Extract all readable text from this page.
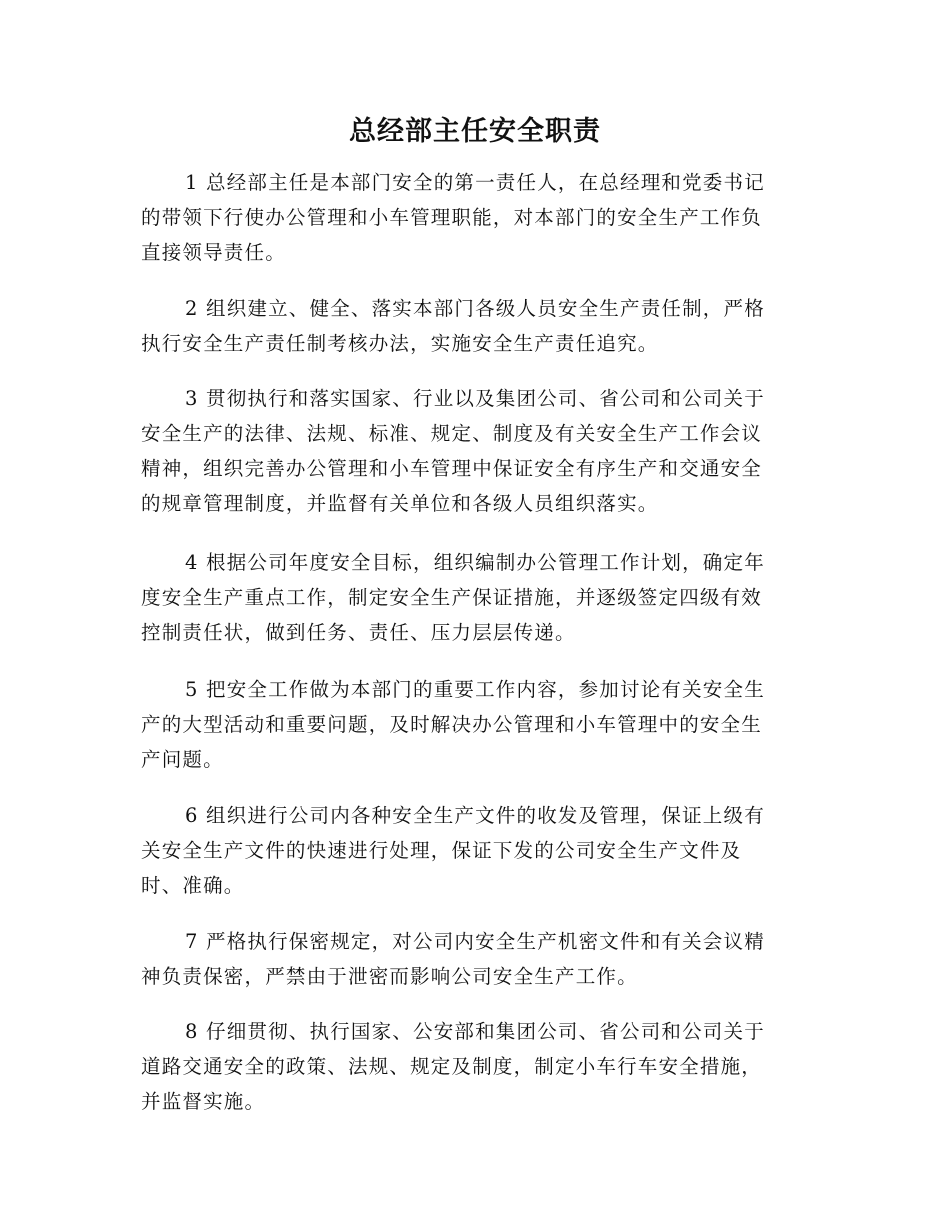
总经部主任安全职责
1 总经部主任是本部门安全的第一责任人，在总经理和党委书记
的带领下行使办公管理和小车管理职能，对本部门的安全生产工作负
直接领导责任。
2 组织建立、健全、落实本部门各级人员安全生产责任制，严格
执行安全生产责任制考核办法，实施安全生产责任追究。
3 贯彻执行和落实国家、行业以及集团公司、省公司和公司关于
安全生产的法律、法规、标准、规定、制度及有关安全生产工作会议
精神，组织完善办公管理和小车管理中保证安全有序生产和交通安全
的规章管理制度，并监督有关单位和各级人员组织落实。
4 根据公司年度安全目标，组织编制办公管理工作计划，确定年
度安全生产重点工作，制定安全生产保证措施，并逐级签定四级有效
控制责任状，做到任务、责任、压力层层传递。
5 把安全工作做为本部门的重要工作内容，参加讨论有关安全生
产的大型活动和重要问题，及时解决办公管理和小车管理中的安全生
产问题。
6 组织进行公司内各种安全生产文件的收发及管理，保证上级有
关安全生产文件的快速进行处理，保证下发的公司安全生产文件及
时、准确。
7 严格执行保密规定，对公司内安全生产机密文件和有关会议精
神负责保密，严禁由于泄密而影响公司安全生产工作。
8 仔细贯彻、执行国家、公安部和集团公司、省公司和公司关于
道路交通安全的政策、法规、规定及制度，制定小车行车安全措施，
并监督实施。
